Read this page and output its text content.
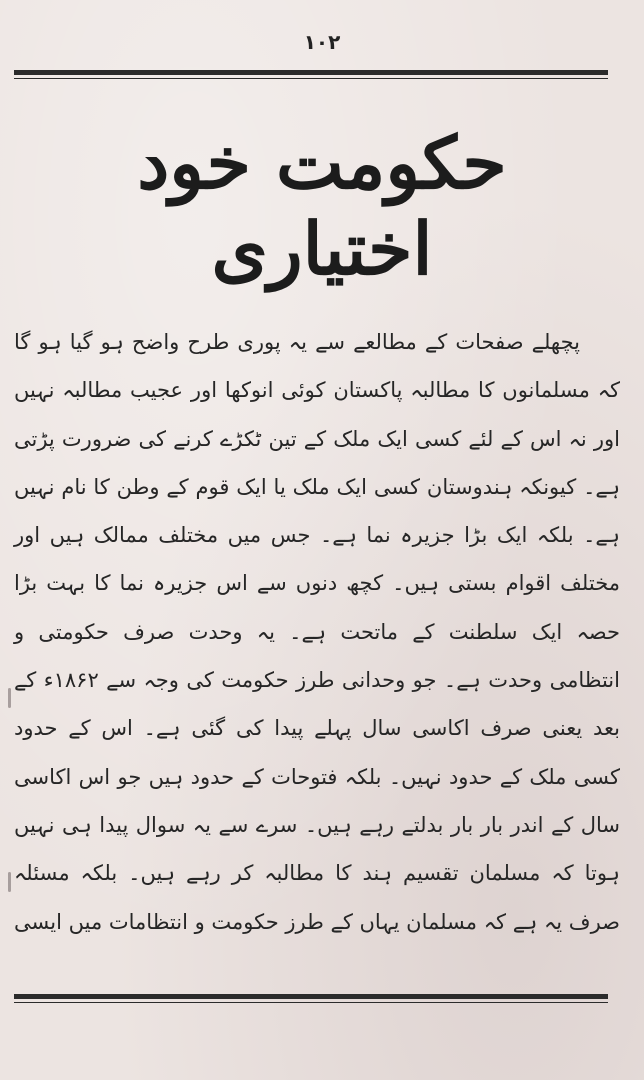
۱۰۲
حکومت خود اختیاری

پچھلے صفحات کے مطالعے سے یہ پوری طرح واضح ہو گیا ہو گا کہ مسلمانوں کا مطالبہ پاکستان کوئی انوکھا اور عجیب مطالبہ نہیں اور نہ اس کے لئے کسی ایک ملک کے تین ٹکڑے کرنے کی ضرورت پڑتی ہے۔ کیونکہ ہندوستان کسی ایک ملک یا ایک قوم کے وطن کا نام نہیں ہے۔ بلکہ ایک بڑا جزیرہ نما ہے۔ جس میں مختلف ممالک ہیں اور مختلف اقوام بستی ہیں۔ کچھ دنوں سے اس جزیرہ نما کا بہت بڑا حصہ ایک سلطنت کے ماتحت ہے۔ یہ وحدت صرف حکومتی و انتظامی وحدت ہے۔ جو وحدانی طرز حکومت کی وجہ سے ۱۸۶۲ء کے بعد یعنی صرف اکاسی سال پہلے پیدا کی گئی ہے۔ اس کے حدود کسی ملک کے حدود نہیں۔ بلکہ فتوحات کے حدود ہیں جو اس اکاسی سال کے اندر بار بار بدلتے رہے ہیں۔ سرے سے یہ سوال پیدا ہی نہیں ہوتا کہ مسلمان تقسیم ہند کا مطالبہ کر رہے ہیں۔ بلکہ مسئلہ صرف یہ ہے کہ مسلمان یہاں کے طرز حکومت و انتظامات میں ایسی
